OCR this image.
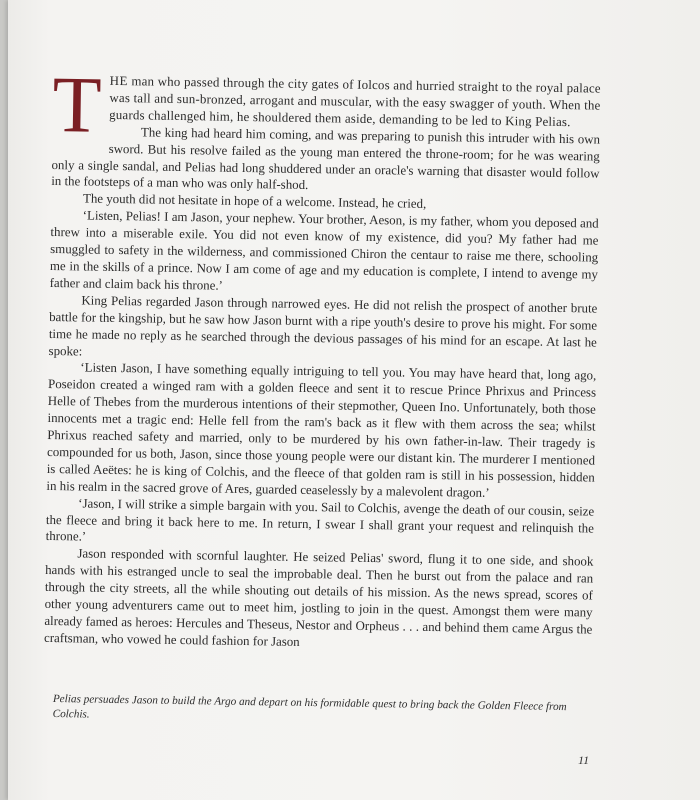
THE man who passed through the city gates of Iolcos and hurried straight to the royal palace was tall and sun-bronzed, arrogant and muscular, with the easy swagger of youth. When the guards challenged him, he shouldered them aside, demanding to be led to King Pelias.

The king had heard him coming, and was preparing to punish this intruder with his own sword. But his resolve failed as the young man entered the throne-room; for he was wearing only a single sandal, and Pelias had long shuddered under an oracle's warning that disaster would follow in the footsteps of a man who was only half-shod.

The youth did not hesitate in hope of a welcome. Instead, he cried,

‘Listen, Pelias! I am Jason, your nephew. Your brother, Aeson, is my father, whom you deposed and threw into a miserable exile. You did not even know of my existence, did you? My father had me smuggled to safety in the wilderness, and commissioned Chiron the centaur to raise me there, schooling me in the skills of a prince. Now I am come of age and my education is complete, I intend to avenge my father and claim back his throne.’

King Pelias regarded Jason through narrowed eyes. He did not relish the prospect of another brute battle for the kingship, but he saw how Jason burnt with a ripe youth's desire to prove his might. For some time he made no reply as he searched through the devious passages of his mind for an escape. At last he spoke:

‘Listen Jason, I have something equally intriguing to tell you. You may have heard that, long ago, Poseidon created a winged ram with a golden fleece and sent it to rescue Prince Phrixus and Princess Helle of Thebes from the murderous intentions of their stepmother, Queen Ino. Unfortunately, both those innocents met a tragic end: Helle fell from the ram's back as it flew with them across the sea; whilst Phrixus reached safety and married, only to be murdered by his own father-in-law. Their tragedy is compounded for us both, Jason, since those young people were our distant kin. The murderer I mentioned is called Aeëtes: he is king of Colchis, and the fleece of that golden ram is still in his possession, hidden in his realm in the sacred grove of Ares, guarded ceaselessly by a malevolent dragon.’

‘Jason, I will strike a simple bargain with you. Sail to Colchis, avenge the death of our cousin, seize the fleece and bring it back here to me. In return, I swear I shall grant your request and relinquish the throne.’

Jason responded with scornful laughter. He seized Pelias' sword, flung it to one side, and shook hands with his estranged uncle to seal the improbable deal. Then he burst out from the palace and ran through the city streets, all the while shouting out details of his mission. As the news spread, scores of other young adventurers came out to meet him, jostling to join in the quest. Amongst them were many already famed as heroes: Hercules and Theseus, Nestor and Orpheus . . . and behind them came Argus the craftsman, who vowed he could fashion for Jason

Pelias persuades Jason to build the Argo and depart on his formidable quest to bring back the Golden Fleece from Colchis.
11
